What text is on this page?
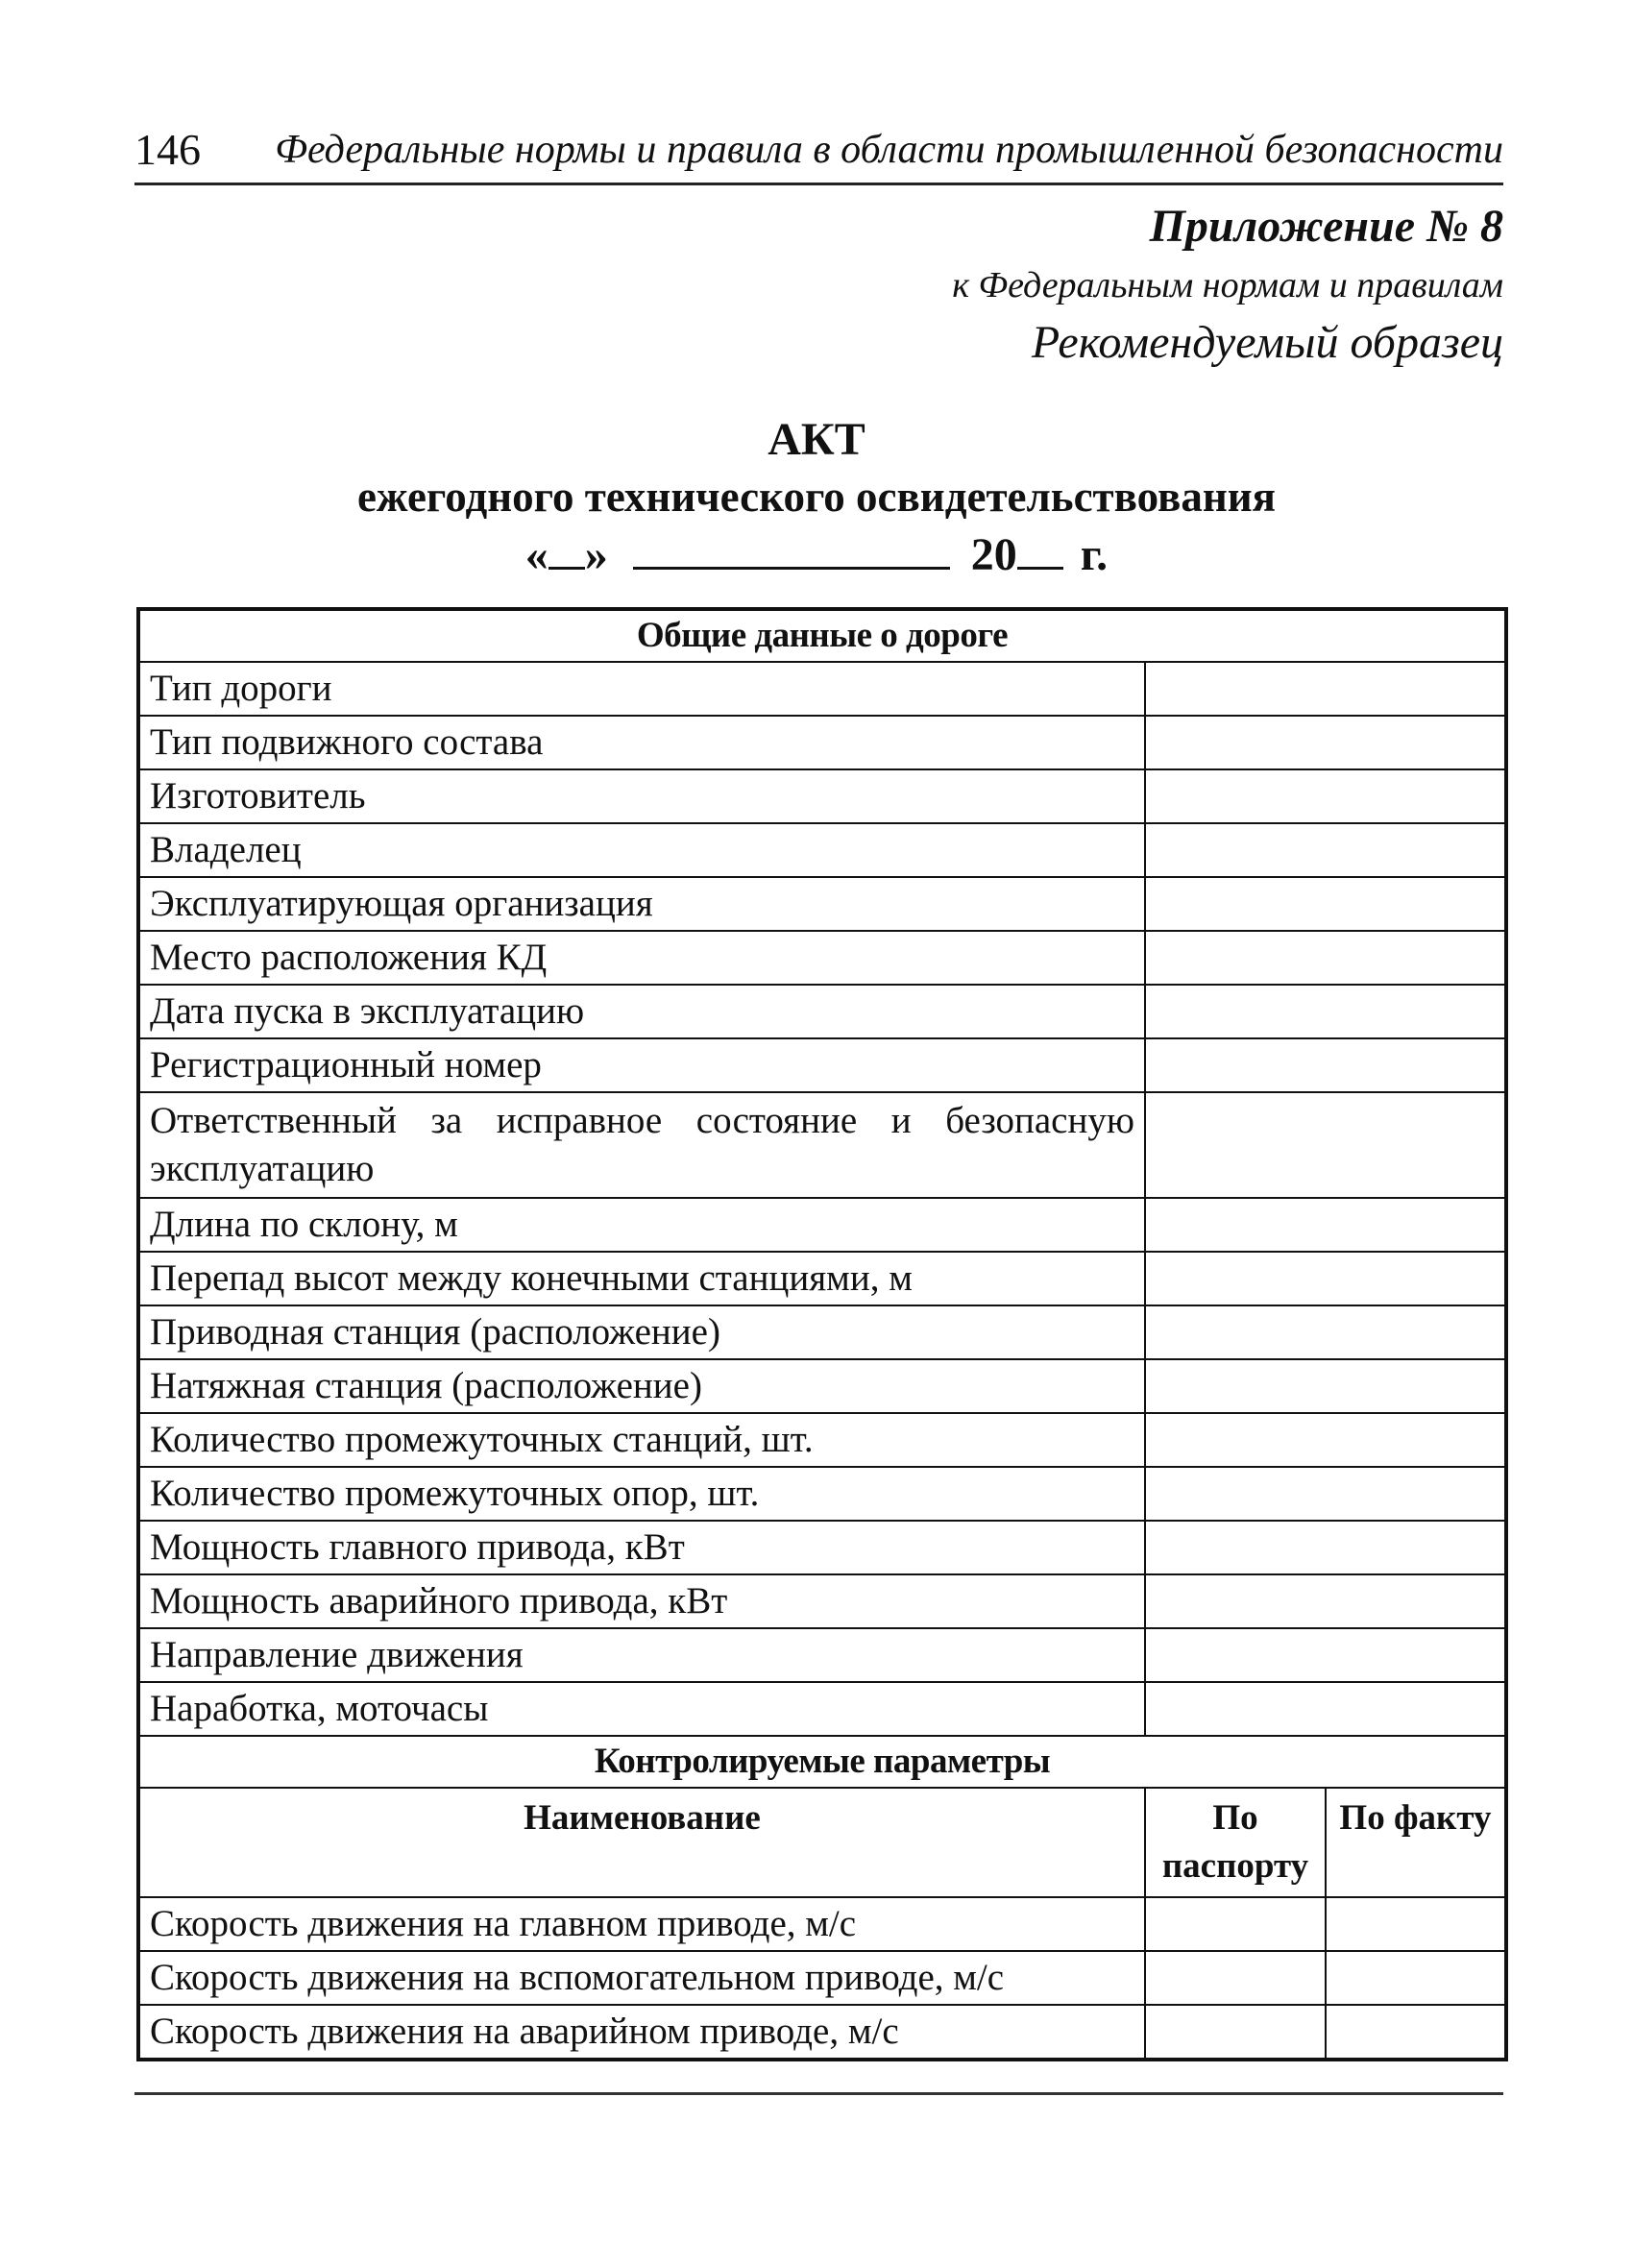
146 Федеральные нормы и правила в области промышленной безопасности
Приложение № 8
к Федеральным нормам и правилам
Рекомендуемый образец
АКТ
ежегодного технического освидетельствования
« »	20 г.
Общие данные о дороге		
Тип дороги		
Тип подвижного состава		
Изготовитель		
Владелец		
Эксплуатирующая организация		
Место расположения КД		
Дата пуска в эксплуатацию		
Регистрационный номер		
Ответственный за исправное состояние и безопасную эксплуатацию		
Длина по склону, м		
Перепад высот между конечными станциями, м		
Приводная станция (расположение)		
Натяжная станция (расположение)		
Количество промежуточных станций, шт.		
Количество промежуточных опор, шт.		
Мощность главного привода, кВт		
Мощность аварийного привода, кВт		
Направление движения		
Наработка, моточасы		
Контролируемые параметры		
Наименование	По паспорту	По факту
Скорость движения на главном приводе, м/с		
Скорость движения на вспомогательном приводе, м/с		
Скорость движения на аварийном приводе, м/с		
